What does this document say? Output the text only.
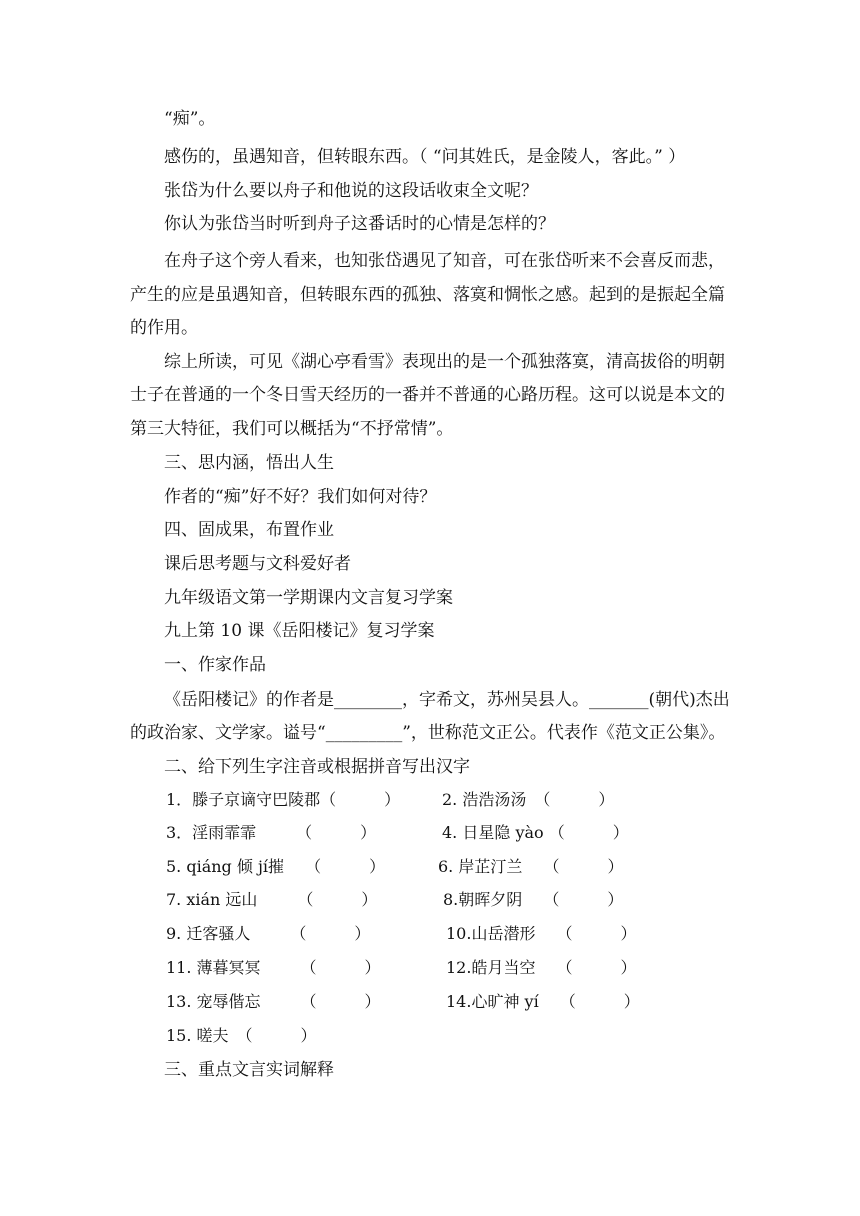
“痴”。
感伤的，虽遇知音，但转眼东西。（ “问其姓氏，是金陵人，客此。” ）
张岱为什么要以舟子和他说的这段话收束全文呢？
你认为张岱当时听到舟子这番话时的心情是怎样的？
在舟子这个旁人看来，也知张岱遇见了知音，可在张岱听来不会喜反而悲，
产生的应是虽遇知音，但转眼东西的孤独、落寞和惆怅之感。起到的是振起全篇
的作用。
综上所读，可见《湖心亭看雪》表现出的是一个孤独落寞，清高拔俗的明朝
士子在普通的一个冬日雪天经历的一番并不普通的心路历程。这可以说是本文的
第三大特征，我们可以概括为“不抒常情”。
三、思内涵，悟出人生
作者的“痴”好不好？我们如何对待？
四、固成果，布置作业
课后思考题与文科爱好者
九年级语文第一学期课内文言复习学案
九上第 10 课《岳阳楼记》复习学案
一、作家作品
《岳阳楼记》的作者是________，字希文，苏州吴县人。_______(朝代)杰出
的政治家、文学家。谥号“_________”，世称范文正公。代表作《范文正公集》。
二、给下列生字注音或根据拼音写出汉字
1．滕子京谪守巴陵郡（　　　）	2. 浩浩汤汤　（　　　）
3．淫雨霏霏　　　（　　　）	4. 日星隐 yào （　　　）
5. qiáng 倾 jí摧　 （　　　）	6. 岸芷汀兰　 （　　　）
7. xián 远山　　　（　　　）	8.朝晖夕阴　 （　　　）
9. 迁客骚人　　　（　　　）	10.山岳潜形　 （　　　）
11. 薄暮冥冥　　　（　　　）	12.皓月当空　 （　　　）
13. 宠辱偕忘　　　（　　　）	14.心旷神 yí　 （　　　）
15. 嗟夫　（　　　）
三、重点文言实词解释
